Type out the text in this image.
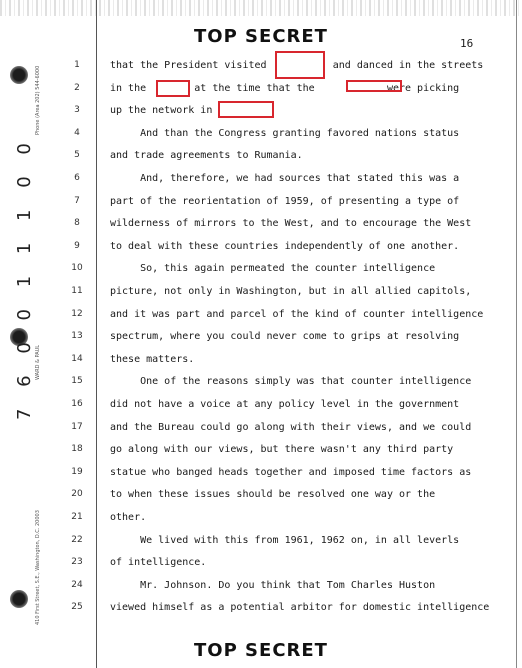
TOP SECRET	16
TOP SECRET
Phone (Area 202) 544-6000
WARD & PAUL
410 First Street, S.E., Washington, D.C. 20003
7 6 0 0 1 1 1 0 0
1
2
3
4
5
6
7
8
9
10
11
12
13
14
15
16
17
18
19
20
21
22
23
24
25
that the President visited           and danced in the streets
in the        at the time that the            were picking
up the network in
And than the Congress granting favored nations status
and trade agreements to Rumania.
And, therefore, we had sources that stated this was a
part of the reorientation of 1959, of presenting a type of
wilderness of mirrors to the West, and to encourage the West
to deal with these countries independently of one another.
So, this again permeated the counter intelligence
picture, not only in Washington, but in all allied capitols,
and it was part and parcel of the kind of counter intelligence
spectrum, where you could never come to grips at resolving
these matters.
One of the reasons simply was that counter intelligence
did not have a voice at any policy level in the government
and the Bureau could go along with their views, and we could
go along with our views, but there wasn't any third party
statue who banged heads together and imposed time factors as
to when these issues should be resolved one way or the
other.
We lived with this from 1961, 1962 on, in all leverls
of intelligence.
Mr. Johnson. Do you think that Tom Charles Huston
viewed himself as a potential arbitor for domestic intelligence
